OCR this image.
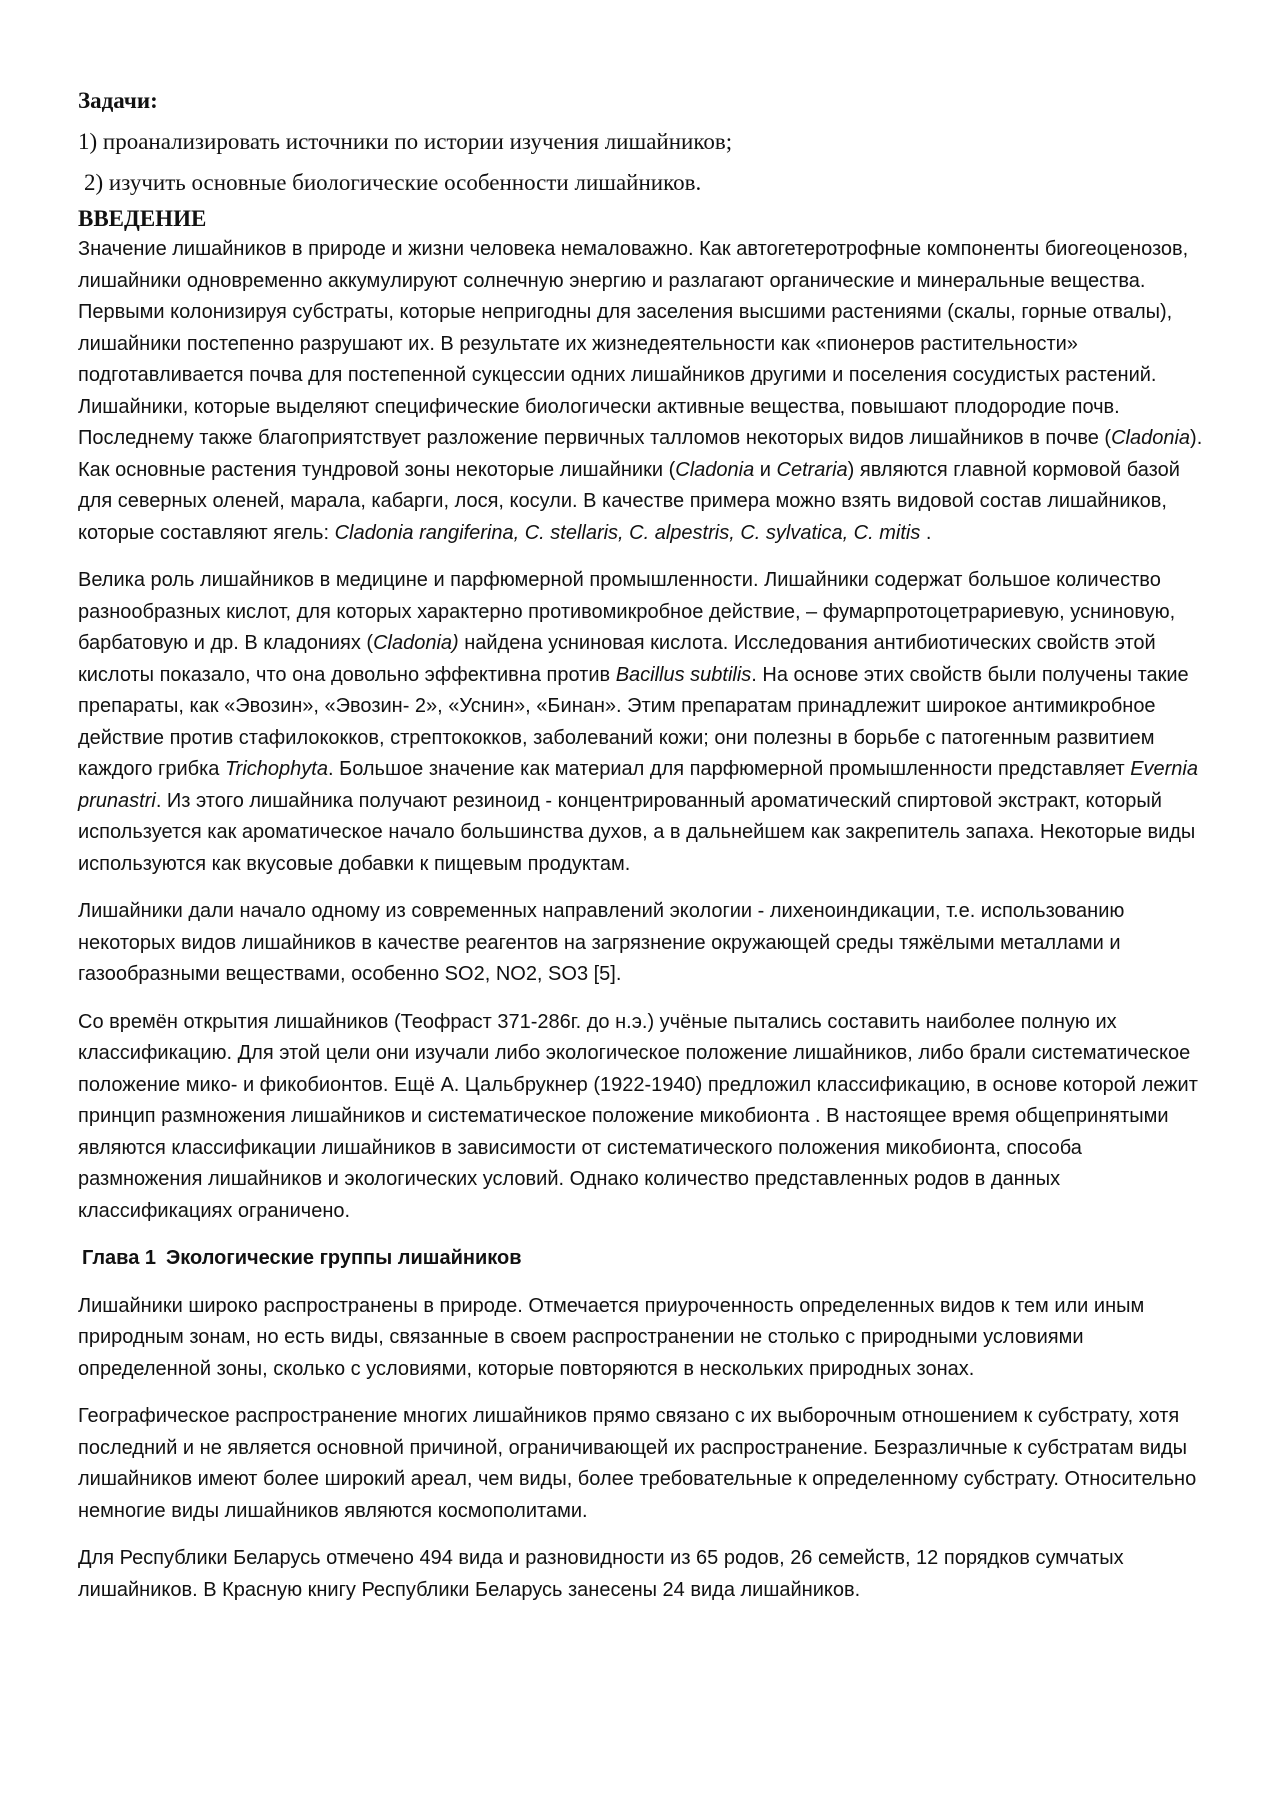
Задачи:
1) проанализировать источники по истории изучения лишайников;
2) изучить основные биологические особенности лишайников.
ВВЕДЕНИЕ

Значение лишайников в природе и жизни человека немаловажно. Как автогетеротрофные компоненты биогеоценозов, лишайники одновременно аккумулируют солнечную энергию и разлагают органические и минеральные вещества. Первыми колонизируя субстраты, которые непригодны для заселения высшими растениями (скалы, горные отвалы), лишайники постепенно разрушают их. В результате их жизнедеятельности как «пионеров растительности» подготавливается почва для постепенной сукцессии одних лишайников другими и поселения сосудистых растений. Лишайники, которые выделяют специфические биологически активные вещества, повышают плодородие почв. Последнему также благоприятствует разложение первичных талломов некоторых видов лишайников в почве (Cladonia). Как основные растения тундровой зоны некоторые лишайники (Cladonia и Cetraria) являются главной кормовой базой для северных оленей, марала, кабарги, лося, косули. В качестве примера можно взять видовой состав лишайников, которые составляют ягель: Cladonia rangiferina, C. stellaris, C. alpestris, C. sylvatica, C. mitis .

Велика роль лишайников в медицине и парфюмерной промышленности. Лишайники содержат большое количество разнообразных кислот, для которых характерно противомикробное действие, – фумарпротоцетрариевую, усниновую, барбатовую и др. В кладониях (Cladonia) найдена усниновая кислота. Исследования антибиотических свойств этой кислоты показало, что она довольно эффективна против Bacillus subtilis. На основе этих свойств были получены такие препараты, как «Эвозин», «Эвозин- 2», «Уснин», «Бинан». Этим препаратам принадлежит широкое антимикробное действие против стафилококков, стрептококков, заболеваний кожи; они полезны в борьбе с патогенным развитием каждого грибка Trichophyta. Большое значение как материал для парфюмерной промышленности представляет Evernia prunastri. Из этого лишайника получают резиноид - концентрированный ароматический спиртовой экстракт, который используется как ароматическое начало большинства духов, а в дальнейшем как закрепитель запаха. Некоторые виды используются как вкусовые добавки к пищевым продуктам.

Лишайники дали начало одному из современных направлений экологии - лихеноиндикации, т.е. использованию некоторых видов лишайников в качестве реагентов на загрязнение окружающей среды тяжёлыми металлами и газообразными веществами, особенно SO2, NO2, SO3 [5].

Со времён открытия лишайников (Теофраст 371-286г. до н.э.) учёные пытались составить наиболее полную их классификацию. Для этой цели они изучали либо экологическое положение лишайников, либо брали систематическое положение мико- и фикобионтов. Ещё А. Цальбрукнер (1922-1940) предложил классификацию, в основе которой лежит принцип размножения лишайников и систематическое положение микобионта . В настоящее время общепринятыми являются классификации лишайников в зависимости от систематического положения микобионта, способа размножения лишайников и экологических условий. Однако количество представленных родов в данных классификациях ограничено.

Глава 1 Экологические группы лишайников

Лишайники широко распространены в природе. Отмечается приуроченность определенных видов к тем или иным природным зонам, но есть виды, связанные в своем распространении не столько с природными условиями определенной зоны, сколько с условиями, которые повторяются в нескольких природных зонах.

Географическое распространение многих лишайников прямо связано с их выборочным отношением к субстрату, хотя последний и не является основной причиной, ограничивающей их распространение. Безразличные к субстратам виды лишайников имеют более широкий ареал, чем виды, более требовательные к определенному субстрату. Относительно немногие виды лишайников являются космополитами.

Для Республики Беларусь отмечено 494 вида и разновидности из 65 родов, 26 семейств, 12 порядков сумчатых лишайников. В Красную книгу Республики Беларусь занесены 24 вида лишайников.
